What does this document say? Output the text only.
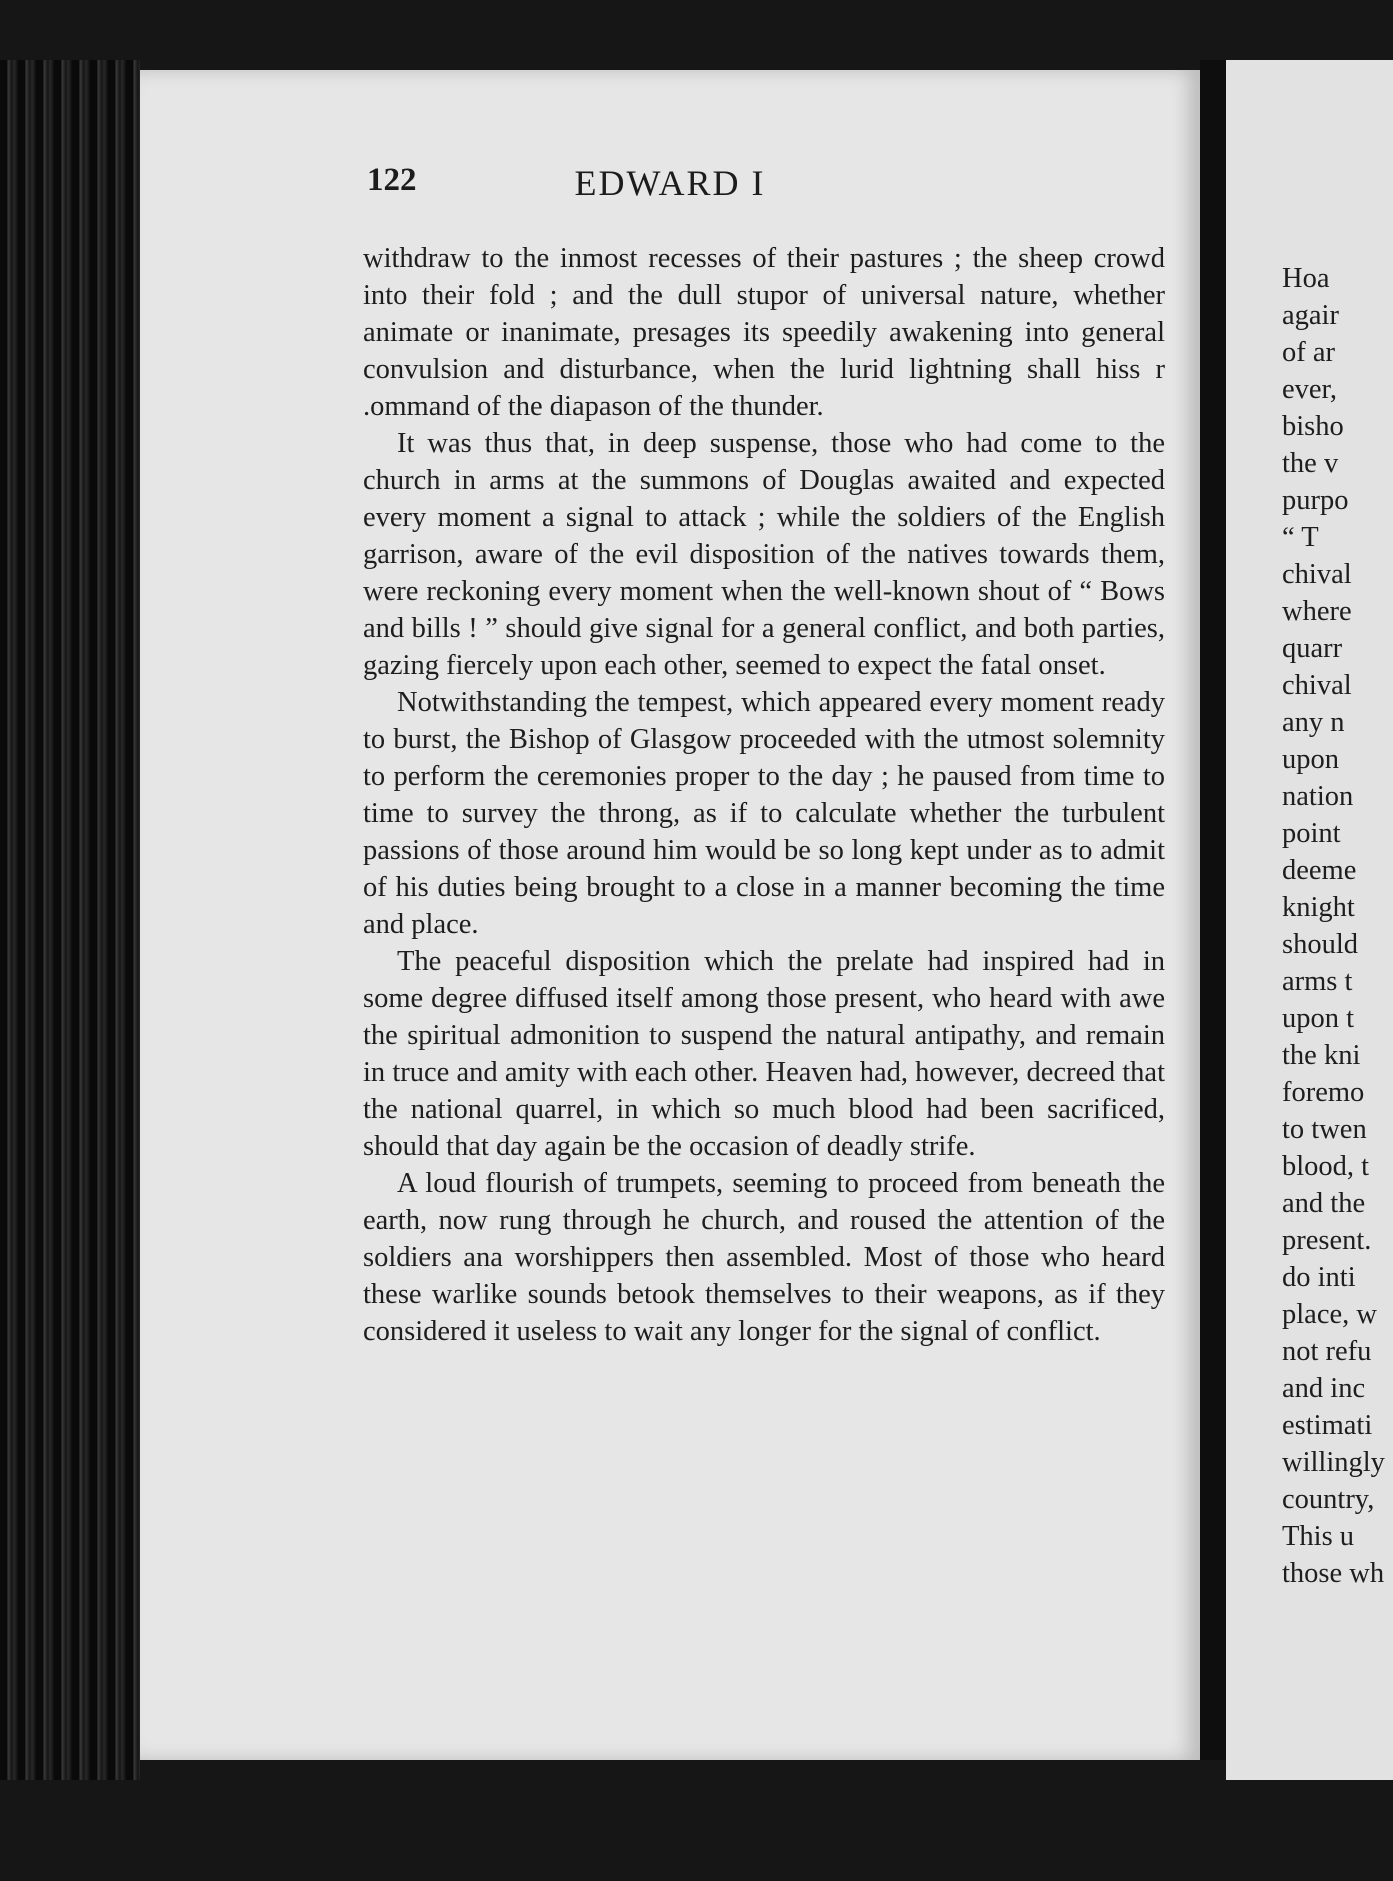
122	EDWARD I

withdraw to the inmost recesses of their pastures ; the sheep crowd into their fold ; and the dull stupor of universal nature, whether animate or inanimate, presages its speedily awakening into general convulsion and disturbance, when the lurid lightning shall hiss r .ommand of the diapason of the thunder.

It was thus that, in deep suspense, those who had come to the church in arms at the summons of Douglas awaited and expected every moment a signal to attack ; while the soldiers of the English garrison, aware of the evil disposition of the natives towards them, were reckoning every moment when the well-known shout of “ Bows and bills ! ” should give signal for a general conflict, and both parties, gazing fiercely upon each other, seemed to expect the fatal onset.

Notwithstanding the tempest, which appeared every moment ready to burst, the Bishop of Glasgow proceeded with the utmost solemnity to perform the ceremonies proper to the day ; he paused from time to time to survey the throng, as if to calculate whether the turbulent passions of those around him would be so long kept under as to admit of his duties being brought to a close in a manner becoming the time and place.

The peaceful disposition which the prelate had inspired had in some degree diffused itself among those present, who heard with awe the spiritual admonition to suspend the natural antipathy, and remain in truce and amity with each other. Heaven had, however, decreed that the national quarrel, in which so much blood had been sacrificed, should that day again be the occasion of deadly strife.

A loud flourish of trumpets, seeming to proceed from beneath the earth, now rung through he church, and roused the attention of the soldiers ana worshippers then assembled. Most of those who heard these warlike sounds betook themselves to their weapons, as if they considered it useless to wait any longer for the signal of conflict.

Hoa
agair
of ar
ever,
bisho
the v
purpo
“ T
chival
where
quarr
chival
any n
upon
nation
point
deeme
knight
should
arms t
upon t
the kni
foremo
to twen
blood, t
and the
present.
do inti
place, w
not refu
and inc
estimati
willingly
country,
This u
those wh
